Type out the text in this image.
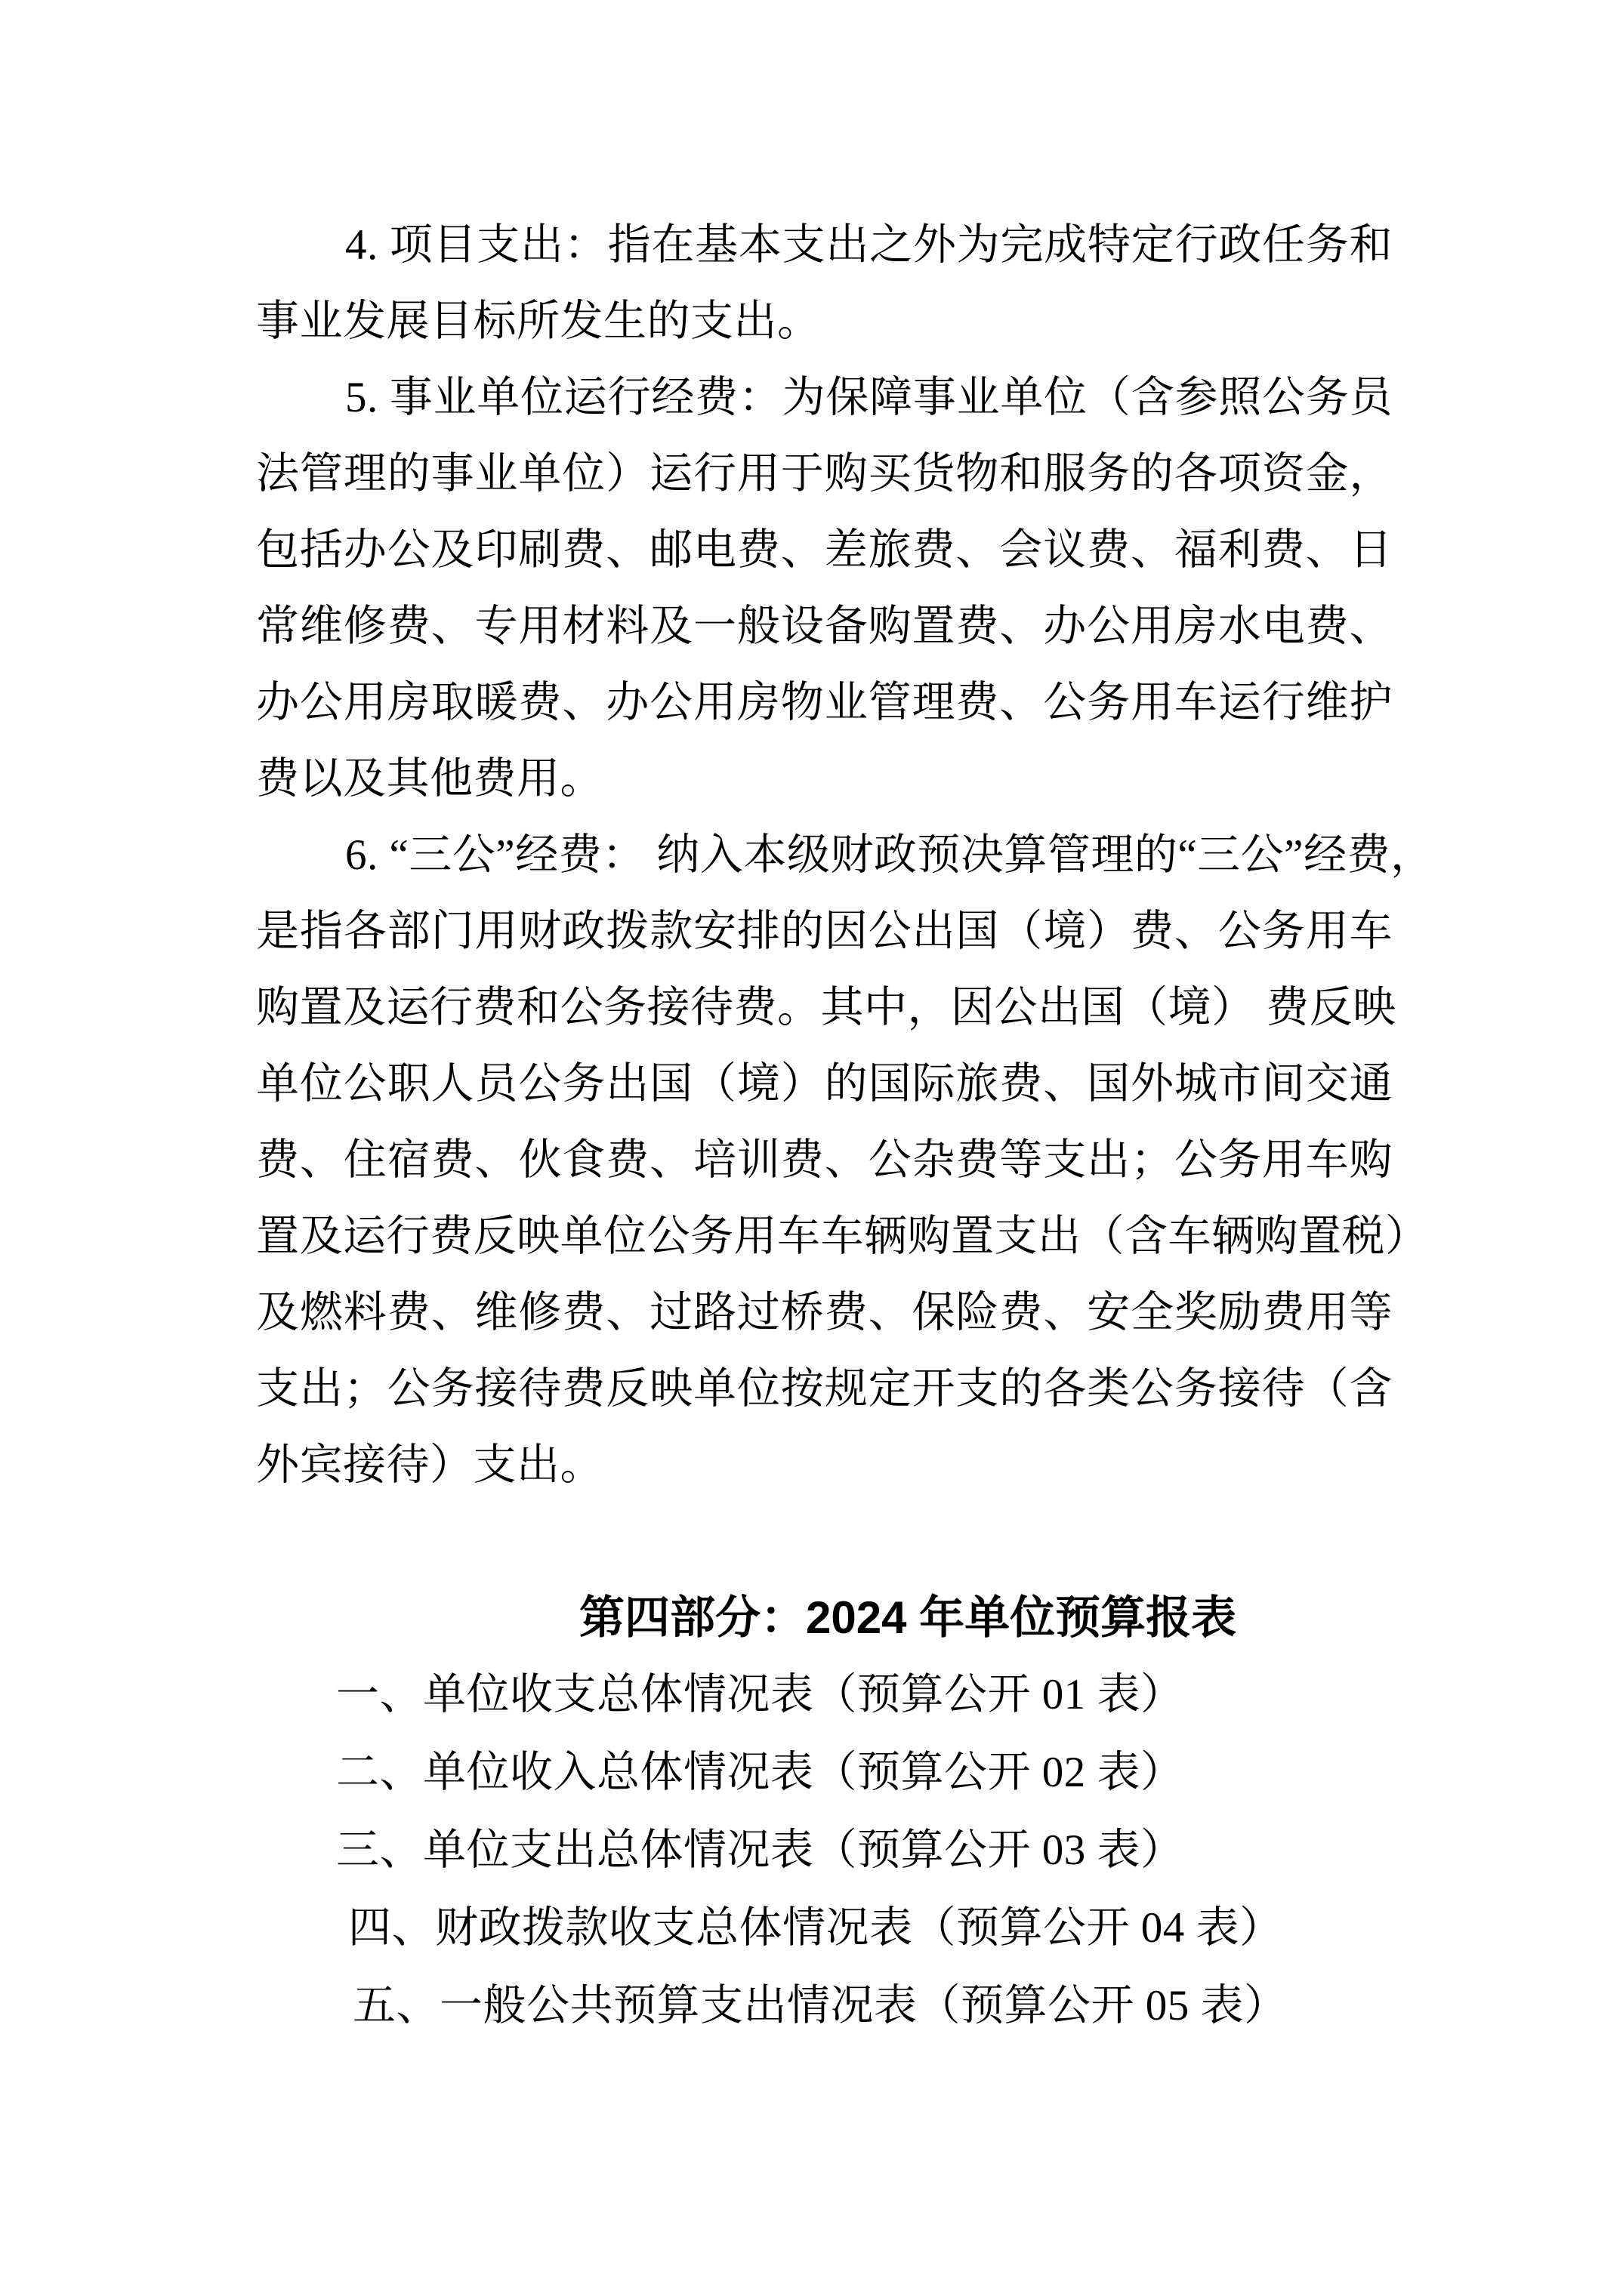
4. 项目支出：指在基本支出之外为完成特定行政任务和
事业发展目标所发生的支出。
5. 事业单位运行经费：为保障事业单位（含参照公务员
法管理的事业单位）运行用于购买货物和服务的各项资金，
包括办公及印刷费、邮电费、差旅费、会议费、福利费、日
常维修费、专用材料及一般设备购置费、办公用房水电费、
办公用房取暖费、办公用房物业管理费、公务用车运行维护
费以及其他费用。
6. “三公”经费： 纳入本级财政预决算管理的“三公”经费，
是指各部门用财政拨款安排的因公出国（境）费、公务用车
购置及运行费和公务接待费。其中，因公出国（境） 费反映
单位公职人员公务出国（境）的国际旅费、国外城市间交通
费、住宿费、伙食费、培训费、公杂费等支出；公务用车购
置及运行费反映单位公务用车车辆购置支出（含车辆购置税）
及燃料费、维修费、过路过桥费、保险费、安全奖励费用等
支出；公务接待费反映单位按规定开支的各类公务接待（含
外宾接待）支出。
第四部分：2024 年单位预算报表
一、单位收支总体情况表（预算公开 01 表）
二、单位收入总体情况表（预算公开 02 表）
三、单位支出总体情况表（预算公开 03 表）
四、财政拨款收支总体情况表（预算公开 04 表）
五、一般公共预算支出情况表（预算公开 05 表）
